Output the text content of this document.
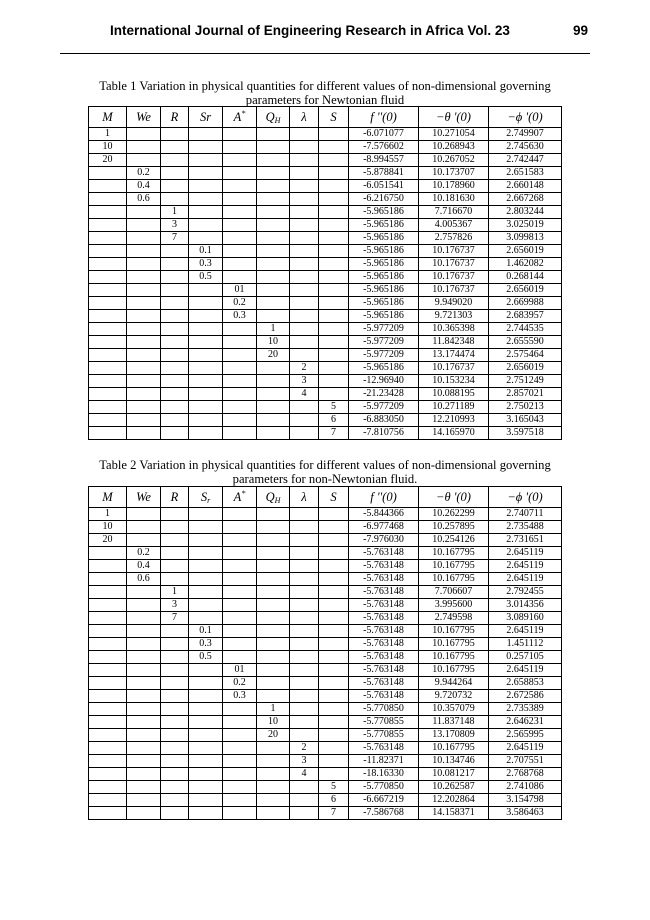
International Journal of Engineering Research in Africa Vol. 23	99
Table 1 Variation in physical quantities for different values of non-dimensional governing
parameters for Newtonian fluid
M	We	R	Sr	A*	$Q_H$	λ	S	f ''(0)	−θ '(0)	−ϕ '(0)
1								-6.071077	10.271054	2.749907
10								-7.576602	10.268943	2.745630
20								-8.994557	10.267052	2.742447
	0.2							-5.878841	10.173707	2.651583
	0.4							-6.051541	10.178960	2.660148
	0.6							-6.216750	10.181630	2.667268
		1						-5.965186	7.716670	2.803244
		3						-5.965186	4.005367	3.025019
		7						-5.965186	2.757826	3.099813
			0.1					-5.965186	10.176737	2.656019
			0.3					-5.965186	10.176737	1.462082
			0.5					-5.965186	10.176737	0.268144
				01				-5.965186	10.176737	2.656019
				0.2				-5.965186	9.949020	2.669988
				0.3				-5.965186	9.721303	2.683957
					1			-5.977209	10.365398	2.744535
					10			-5.977209	11.842348	2.655590
					20			-5.977209	13.174474	2.575464
						2		-5.965186	10.176737	2.656019
						3		-12.96940	10.153234	2.751249
						4		-21.23428	10.088195	2.857021
							5	-5.977209	10.271189	2.750213
							6	-6.883050	12.210993	3.165043
							7	-7.810756	14.165970	3.597518
Table 2 Variation in physical quantities for different values of non-dimensional governing
parameters for non-Newtonian fluid.
M	We	R	$S_r$	A*	$Q_H$	λ	S	f ''(0)	−θ '(0)	−ϕ '(0)
1								-5.844366	10.262299	2.740711
10								-6.977468	10.257895	2.735488
20								-7.976030	10.254126	2.731651
	0.2							-5.763148	10.167795	2.645119
	0.4							-5.763148	10.167795	2.645119
	0.6							-5.763148	10.167795	2.645119
		1						-5.763148	7.706607	2.792455
		3						-5.763148	3.995600	3.014356
		7						-5.763148	2.749598	3.089160
			0.1					-5.763148	10.167795	2.645119
			0.3					-5.763148	10.167795	1.451112
			0.5					-5.763148	10.167795	0.257105
				01				-5.763148	10.167795	2.645119
				0.2				-5.763148	9.944264	2.658853
				0.3				-5.763148	9.720732	2.672586
					1			-5.770850	10.357079	2.735389
					10			-5.770855	11.837148	2.646231
					20			-5.770855	13.170809	2.565995
						2		-5.763148	10.167795	2.645119
						3		-11.82371	10.134746	2.707551
						4		-18.16330	10.081217	2.768768
							5	-5.770850	10.262587	2.741086
							6	-6.667219	12.202864	3.154798
							7	-7.586768	14.158371	3.586463
